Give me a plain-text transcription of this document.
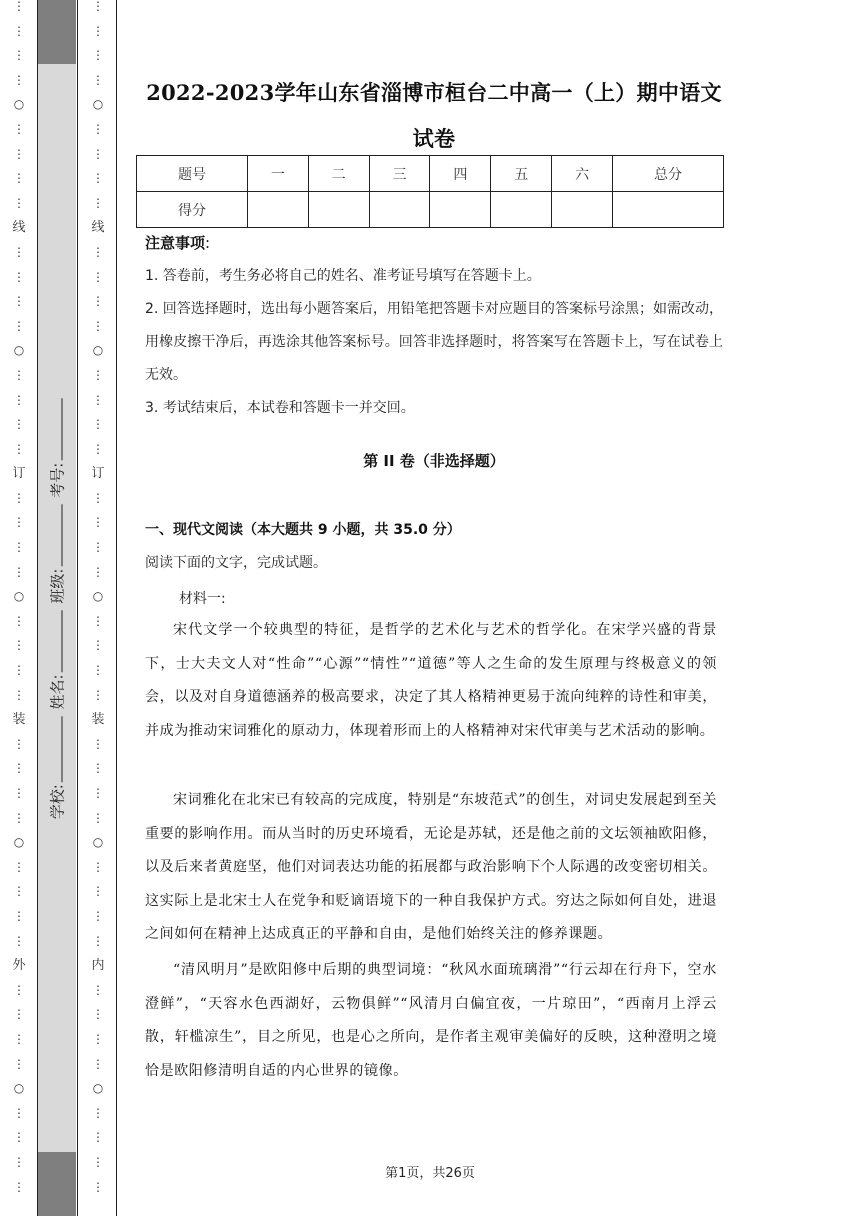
⋮
⋮
⋮
⋮
○
⋮
⋮
⋮
⋮
线
⋮
⋮
⋮
⋮
○
⋮
⋮
⋮
⋮
订
⋮
⋮
⋮
⋮
○
⋮
⋮
⋮
⋮
装
⋮
⋮
⋮
⋮
○
⋮
⋮
⋮
⋮
外
⋮
⋮
⋮
⋮
○
⋮
⋮
⋮
⋮
⋮
⋮
⋮
⋮
○
⋮
⋮
⋮
⋮
线
⋮
⋮
⋮
⋮
○
⋮
⋮
⋮
⋮
订
⋮
⋮
⋮
⋮
○
⋮
⋮
⋮
⋮
装
⋮
⋮
⋮
⋮
○
⋮
⋮
⋮
⋮
内
⋮
⋮
⋮
⋮
○
⋮
⋮
⋮
⋮
学校: 姓名: 班级: 考号:
2022-2023学年山东省淄博市桓台二中高一（上）期中语文试卷
题号	一	二	三	四	五	六	总分
得分							
注意事项:
1. 答卷前，考生务必将自己的姓名、准考证号填写在答题卡上。
2. 回答选择题时，选出每小题答案后，用铅笔把答题卡对应题目的答案标号涂黑；如需改动，用橡皮擦干净后，再选涂其他答案标号。回答非选择题时，将答案写在答题卡上，写在试卷上无效。
3. 考试结束后，本试卷和答题卡一并交回。
第 II 卷（非选择题）
一、现代文阅读（本大题共 9 小题，共 35.0 分）
阅读下面的文字，完成试题。
材料一:
宋代文学一个较典型的特征，是哲学的艺术化与艺术的哲学化。在宋学兴盛的背景下，士大夫文人对“性命”“心源”“情性”“道德”等人之生命的发生原理与终极意义的领会，以及对自身道德涵养的极高要求，决定了其人格精神更易于流向纯粹的诗性和审美，并成为推动宋词雅化的原动力，体现着形而上的人格精神对宋代审美与艺术活动的影响。
宋词雅化在北宋已有较高的完成度，特别是“东坡范式”的创生，对词史发展起到至关重要的影响作用。而从当时的历史环境看，无论是苏轼，还是他之前的文坛领袖欧阳修，以及后来者黄庭坚，他们对词表达功能的拓展都与政治影响下个人际遇的改变密切相关。这实际上是北宋士人在党争和贬谪语境下的一种自我保护方式。穷达之际如何自处，进退之间如何在精神上达成真正的平静和自由，是他们始终关注的修养课题。
“清风明月”是欧阳修中后期的典型词境：“秋风水面琉璃滑”“行云却在行舟下，空水澄鲜”，“天容水色西湖好，云物俱鲜”“风清月白偏宜夜，一片琼田”，“西南月上浮云散，轩槛凉生”，目之所见，也是心之所向，是作者主观审美偏好的反映，这种澄明之境恰是欧阳修清明自适的内心世界的镜像。
第1页，共26页
